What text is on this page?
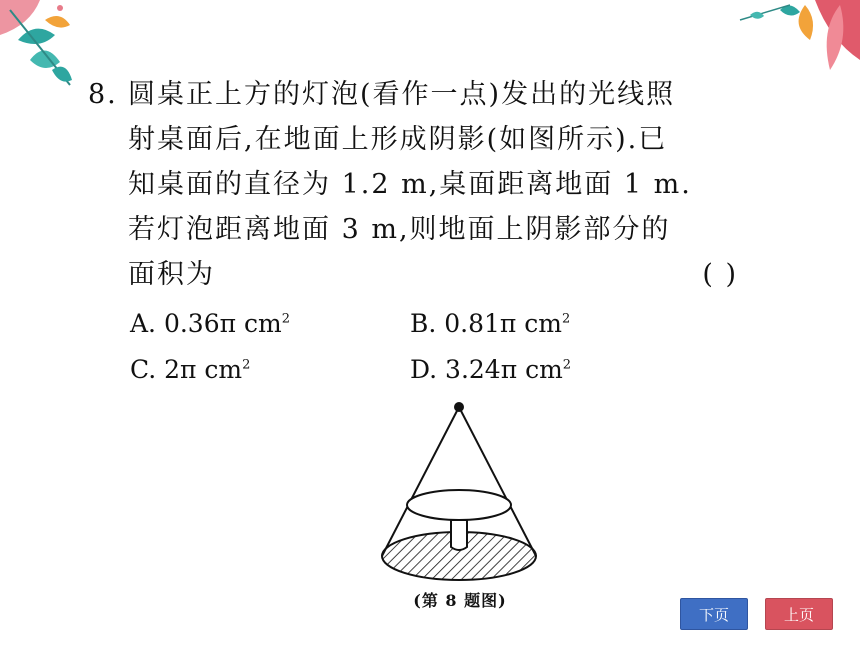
8. 圆桌正上方的灯泡(看作一点)发出的光线照
射桌面后,在地面上形成阴影(如图所示).已
知桌面的直径为 1.2 m,桌面距离地面 1 m.
若灯泡距离地面 3 m,则地面上阴影部分的
面积为	( )
A. 0.36π $cm^2$	B. 0.81π $cm^2$
C. 2π $cm^2$	D. 3.24π $cm^2$
(第 8 题图)
下页	上页
